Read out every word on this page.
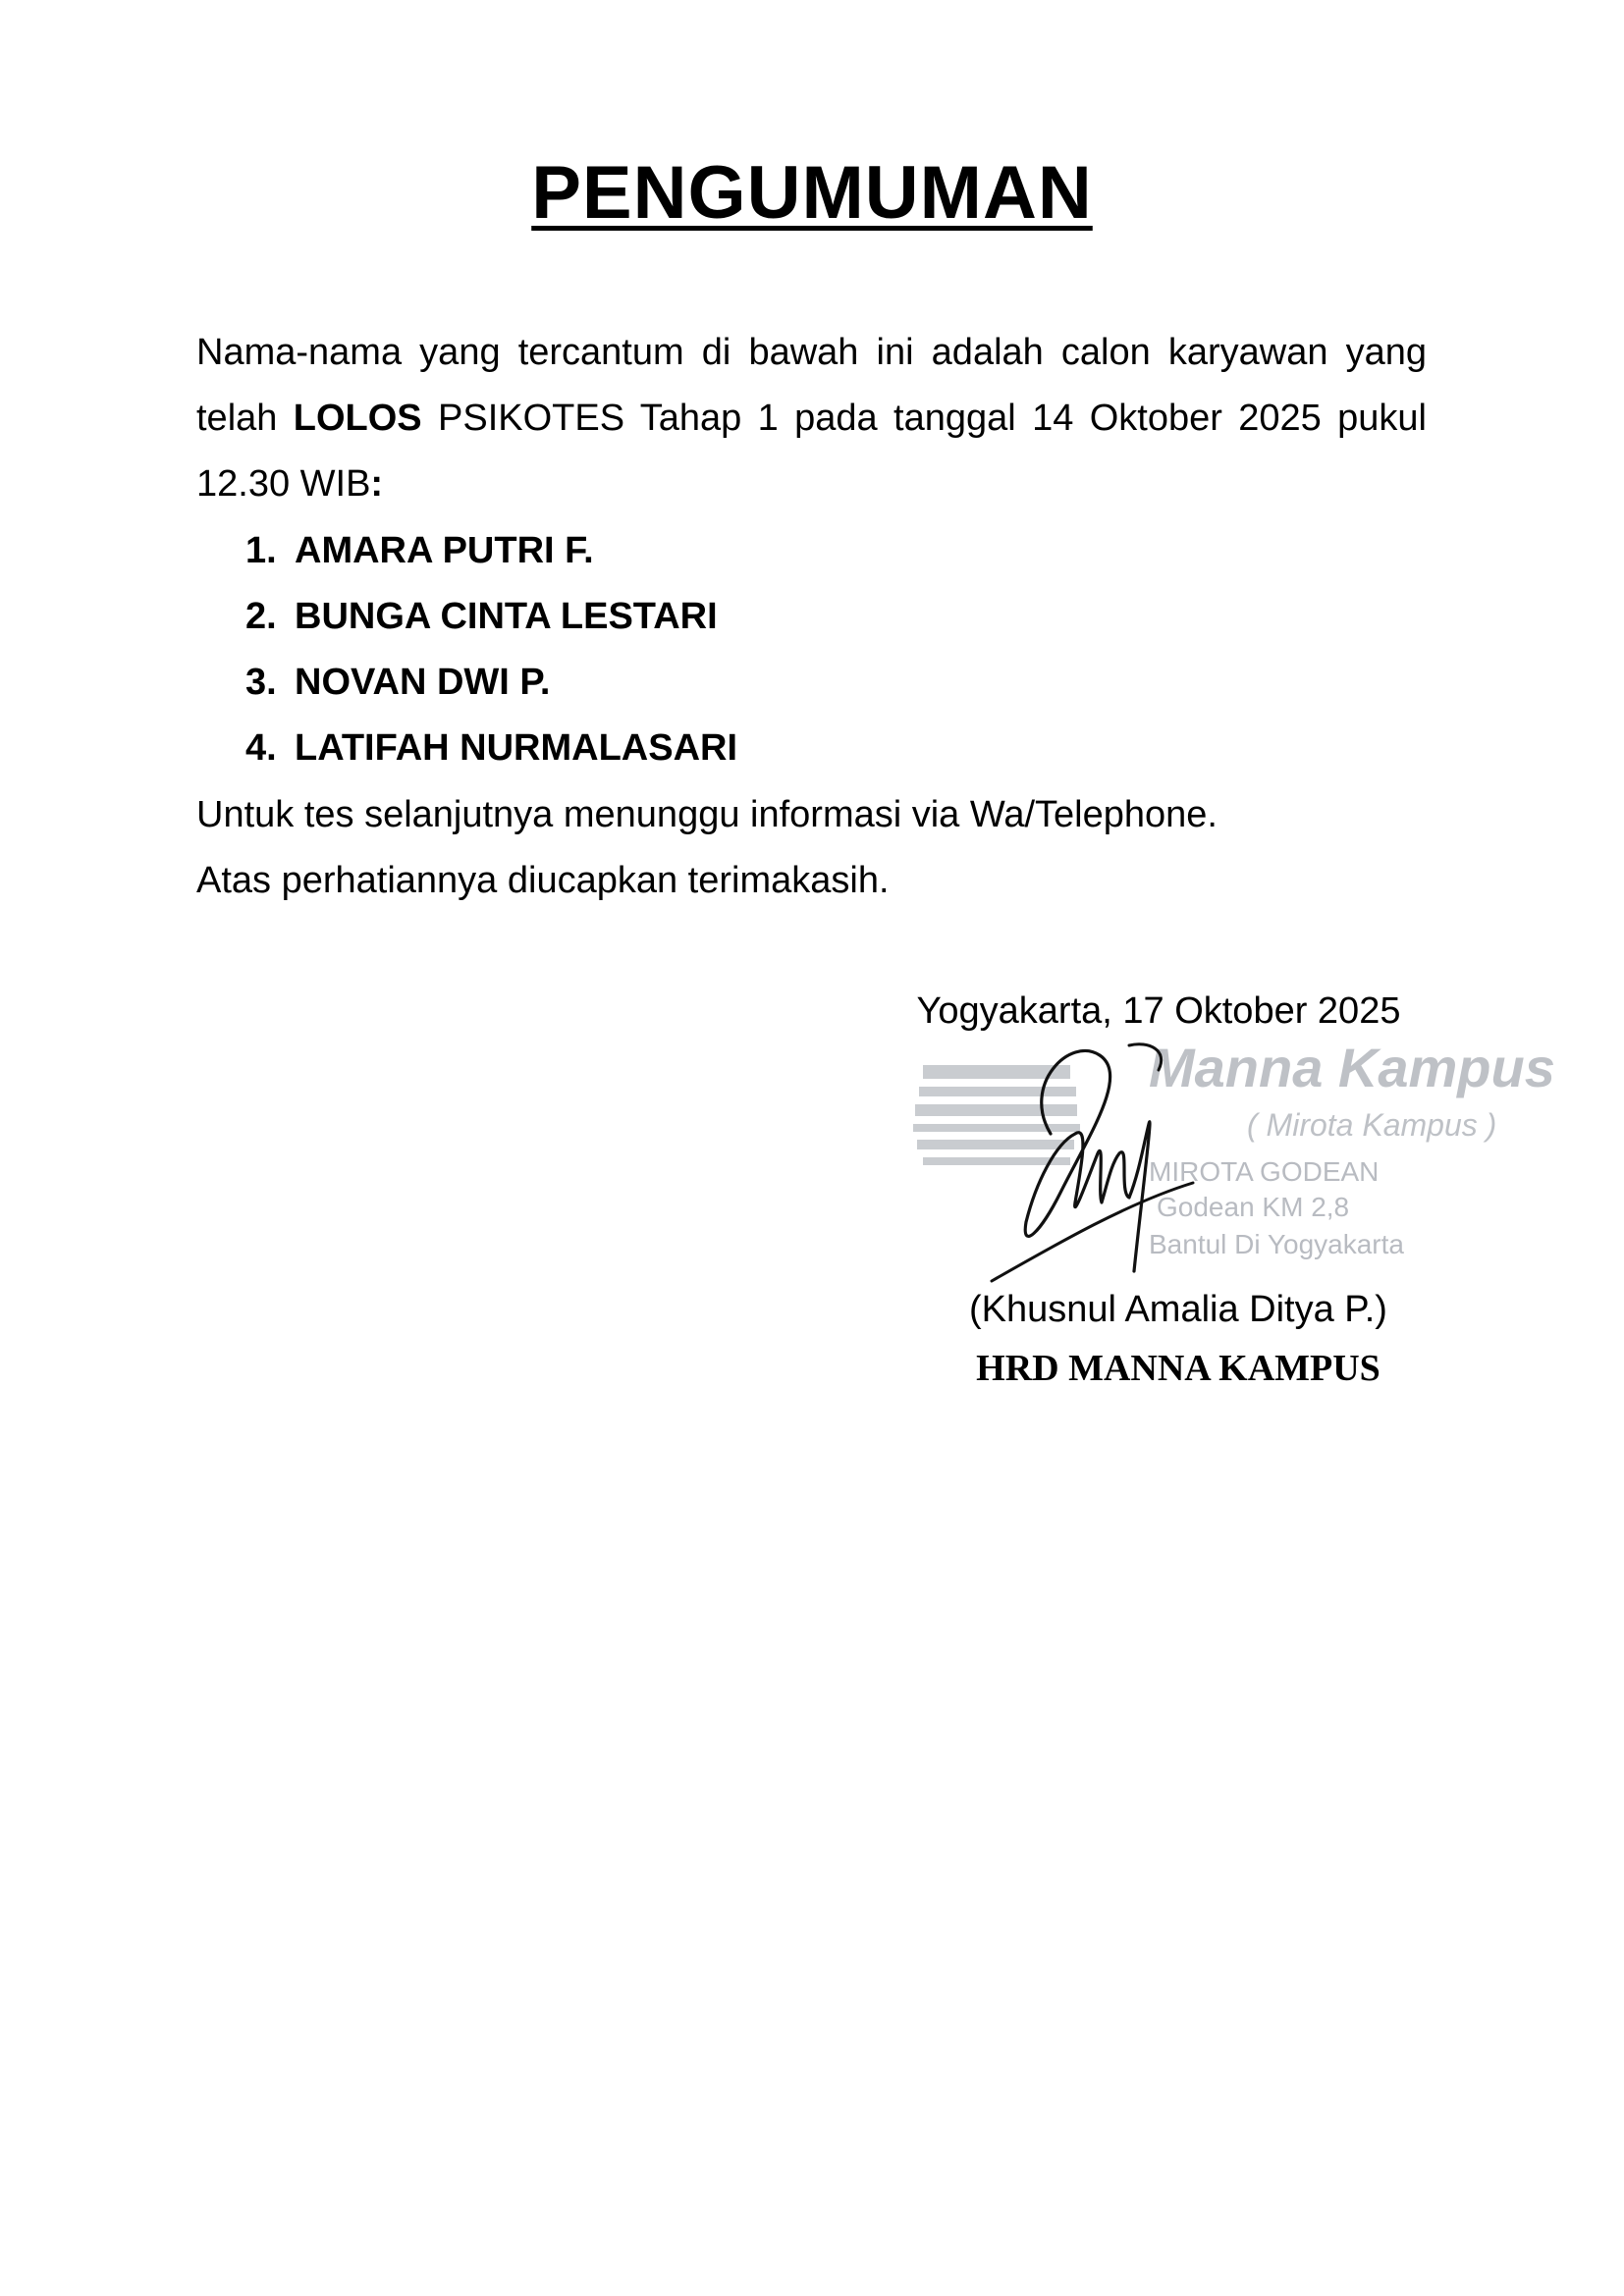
PENGUMUMAN

Nama-nama yang tercantum di bawah ini adalah calon karyawan yang telah LOLOS PSIKOTES Tahap 1 pada tanggal 14 Oktober 2025 pukul 12.30 WIB:

1. AMARA PUTRI F.
2. BUNGA CINTA LESTARI
3. NOVAN DWI P.
4. LATIFAH NURMALASARI

Untuk tes selanjutnya menunggu informasi via Wa/Telephone.

Atas perhatiannya diucapkan terimakasih.

Yogyakarta, 17 Oktober 2025
Manna Kampus
( Mirota Kampus )
MIROTA GODEAN
Godean KM 2,8
Bantul Di Yogyakarta
(Khusnul Amalia Ditya P.)
HRD MANNA KAMPUS
